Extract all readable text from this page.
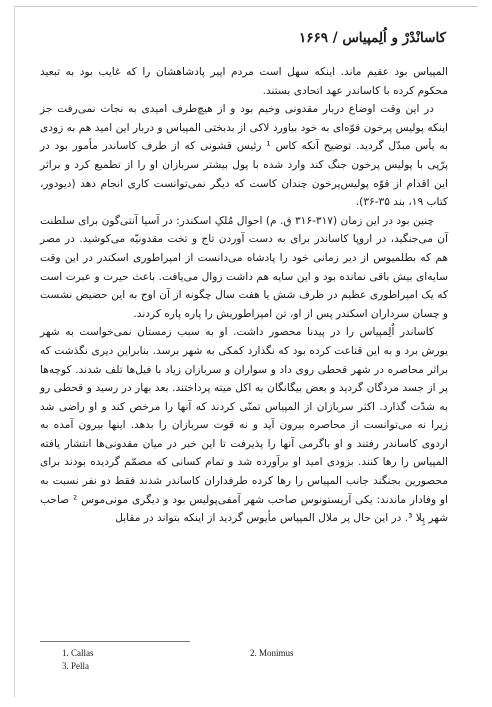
کاسانْدْرْ و اُلِمپیاس / ۱۶۶۹

المپیاس بود عقیم ماند. اینکه سهل است مردم اپیر پادشاهشان را که غایب بود به تبعید محکوم کرده با کاساندر عهد اتحادی بستند.

در این وقت اوضاع دربار مقدونی وخیم بود و از هیچ‌طرف امیدی به نجات نمی‌رفت جز اینکه پولیس پرخون قوّه‌ای به خود بیاورد لاکی از بدبختی المپیاس و دربار این امید هم به زودی به یأس مبدّل گردید. توضیح آنکه کاس ¹ رئیس قشونی که از طرف کاساندر مأمور بود در پرّپی با پولیس پرخون جنگ کند وارد شده با پول بیشتر سربازان او را از تطمیع کرد و براثر این اقدام از قوّه پولیس‌پرخون چندان کاست که دیگر نمی‌توانست کاری انجام دهد (دیودور، کتاب ۱۹، بند ۳۵-۳۶).

چنین بود در این زمان (۳۱۷-۳۱۶ ق. م) احوال مُلکِ اسکندر: در آسیا آنتی‌گون برای سلطنت آن می‌جنگید، در اروپا کاساندر برای به دست آوردن تاج و تخت مقدونیّه می‌کوشید. در مصر هم که بطلمیوس از دیر زمانی خود را پادشاه می‌دانست از امپراطوری اسکندر در این وقت سایه‌ای بیش باقی نمانده بود و این سایه هم داشت زوال می‌یافت. باعث حیرت و عبرت است که یک امپراطوری عظیم در ظرف شش یا هفت سال چگونه از آن اوج به این حضیض نشست و چسان سرداران اسکندر پس از او، تن امپراطوریش را پاره پاره کردند.

کاساندر اُلِمپیاس را در پیدنا محصور داشت. او به سبب زمستان نمی‌خواست به شهر یورش برد و به این قناعت کرده بود که نگذارد کمکی به شهر برسد. بنابراین دیری نگذشت که براثر محاصره در شهر قحطی روی داد و سواران و سربازان زیاد با فیل‌ها تلف شدند. کوچه‌ها پر از جسد مردگان گردید و بعض بیگانگان به اکل میته پرداختند. بعد بهار در رسید و قحطی رو به شدّت گذارد. اکثر سربازان از المپیاس تمنّی کردند که آنها را مرخص کند و او راضی شد زیرا نه می‌توانست از محاصره بیرون آید و نه قوت سربازان را بدهد. اینها بیرون آمده به اردوی کاساندر رفتند و او باگرمی آنها را پذیرفت تا این خبر در میان مقدونی‌ها انتشار یافته المپیاس را رها کنند. بزودی امید او برآورده شد و تمام کسانی که مصمّم گردیده بودند برای محصورین بجنگند جانب المپیاس را رها کرده طرفداران کاساندر شدند فقط دو نفر نسبت به او وفادار ماندند: یکی آریستونوس صاحب شهر آمفی‌پولیس بود و دیگری مونی‌موس ² صاحب شهر پِلا ³. در این حال پر ملال المپیاس مأیوس گردید از اینکه بتواند در مقابل

1. Callas	2. Monimus
3. Pella
